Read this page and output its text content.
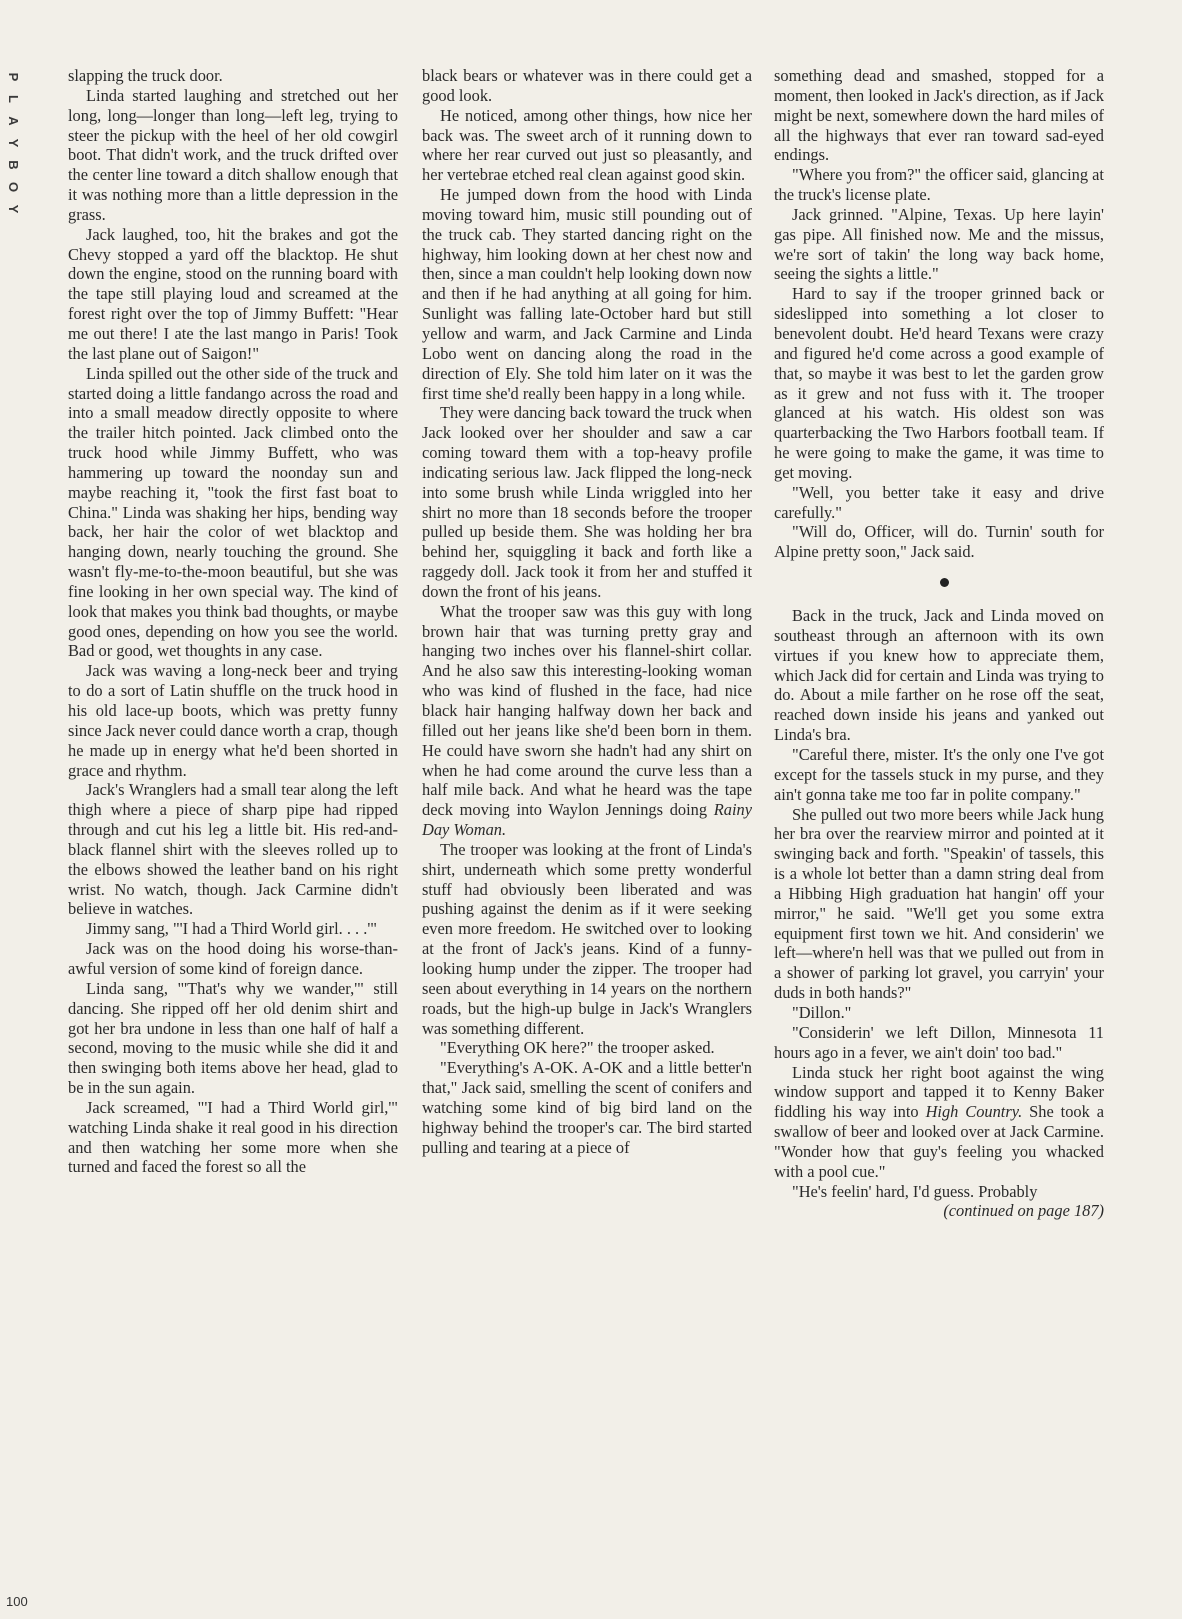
P
L
A
Y
B
O
Y
100

slapping the truck door.

Linda started laughing and stretched out her long, long—longer than long—left leg, trying to steer the pickup with the heel of her old cowgirl boot. That didn't work, and the truck drifted over the center line toward a ditch shallow enough that it was nothing more than a little depression in the grass.

Jack laughed, too, hit the brakes and got the Chevy stopped a yard off the blacktop. He shut down the engine, stood on the running board with the tape still playing loud and screamed at the forest right over the top of Jimmy Buffett: "Hear me out there! I ate the last mango in Paris! Took the last plane out of Saigon!"

Linda spilled out the other side of the truck and started doing a little fandango across the road and into a small meadow directly opposite to where the trailer hitch pointed. Jack climbed onto the truck hood while Jimmy Buffett, who was hammering up toward the noonday sun and maybe reaching it, "took the first fast boat to China." Linda was shaking her hips, bending way back, her hair the color of wet blacktop and hanging down, nearly touching the ground. She wasn't fly-me-to-the-moon beautiful, but she was fine looking in her own special way. The kind of look that makes you think bad thoughts, or maybe good ones, depending on how you see the world. Bad or good, wet thoughts in any case.

Jack was waving a long-neck beer and trying to do a sort of Latin shuffle on the truck hood in his old lace-up boots, which was pretty funny since Jack never could dance worth a crap, though he made up in energy what he'd been shorted in grace and rhythm.

Jack's Wranglers had a small tear along the left thigh where a piece of sharp pipe had ripped through and cut his leg a little bit. His red-and-black flannel shirt with the sleeves rolled up to the elbows showed the leather band on his right wrist. No watch, though. Jack Carmine didn't believe in watches.

Jimmy sang, "'I had a Third World girl. . . .'"

Jack was on the hood doing his worse-than-awful version of some kind of foreign dance.

Linda sang, "'That's why we wander,'" still dancing. She ripped off her old denim shirt and got her bra undone in less than one half of half a second, moving to the music while she did it and then swinging both items above her head, glad to be in the sun again.

Jack screamed, "'I had a Third World girl,'" watching Linda shake it real good in his direction and then watching her some more when she turned and faced the forest so all the

black bears or whatever was in there could get a good look.

He noticed, among other things, how nice her back was. The sweet arch of it running down to where her rear curved out just so pleasantly, and her vertebrae etched real clean against good skin.

He jumped down from the hood with Linda moving toward him, music still pounding out of the truck cab. They started dancing right on the highway, him looking down at her chest now and then, since a man couldn't help looking down now and then if he had anything at all going for him. Sunlight was falling late-October hard but still yellow and warm, and Jack Carmine and Linda Lobo went on dancing along the road in the direction of Ely. She told him later on it was the first time she'd really been happy in a long while.

They were dancing back toward the truck when Jack looked over her shoulder and saw a car coming toward them with a top-heavy profile indicating serious law. Jack flipped the long-neck into some brush while Linda wriggled into her shirt no more than 18 seconds before the trooper pulled up beside them. She was holding her bra behind her, squiggling it back and forth like a raggedy doll. Jack took it from her and stuffed it down the front of his jeans.

What the trooper saw was this guy with long brown hair that was turning pretty gray and hanging two inches over his flannel-shirt collar. And he also saw this interesting-looking woman who was kind of flushed in the face, had nice black hair hanging halfway down her back and filled out her jeans like she'd been born in them. He could have sworn she hadn't had any shirt on when he had come around the curve less than a half mile back. And what he heard was the tape deck moving into Waylon Jennings doing Rainy Day Woman.

The trooper was looking at the front of Linda's shirt, underneath which some pretty wonderful stuff had obviously been liberated and was pushing against the denim as if it were seeking even more freedom. He switched over to looking at the front of Jack's jeans. Kind of a funny-looking hump under the zipper. The trooper had seen about everything in 14 years on the northern roads, but the high-up bulge in Jack's Wranglers was something different.

"Everything OK here?" the trooper asked.

"Everything's A-OK. A-OK and a little better'n that," Jack said, smelling the scent of conifers and watching some kind of big bird land on the highway behind the trooper's car. The bird started pulling and tearing at a piece of

something dead and smashed, stopped for a moment, then looked in Jack's direction, as if Jack might be next, somewhere down the hard miles of all the highways that ever ran toward sad-eyed endings.

"Where you from?" the officer said, glancing at the truck's license plate.

Jack grinned. "Alpine, Texas. Up here layin' gas pipe. All finished now. Me and the missus, we're sort of takin' the long way back home, seeing the sights a little."

Hard to say if the trooper grinned back or sideslipped into something a lot closer to benevolent doubt. He'd heard Texans were crazy and figured he'd come across a good example of that, so maybe it was best to let the garden grow as it grew and not fuss with it. The trooper glanced at his watch. His oldest son was quarterbacking the Two Harbors football team. If he were going to make the game, it was time to get moving.

"Well, you better take it easy and drive carefully."

"Will do, Officer, will do. Turnin' south for Alpine pretty soon," Jack said.

Back in the truck, Jack and Linda moved on southeast through an afternoon with its own virtues if you knew how to appreciate them, which Jack did for certain and Linda was trying to do. About a mile farther on he rose off the seat, reached down inside his jeans and yanked out Linda's bra.

"Careful there, mister. It's the only one I've got except for the tassels stuck in my purse, and they ain't gonna take me too far in polite company."

She pulled out two more beers while Jack hung her bra over the rearview mirror and pointed at it swinging back and forth. "Speakin' of tassels, this is a whole lot better than a damn string deal from a Hibbing High graduation hat hangin' off your mirror," he said. "We'll get you some extra equipment first town we hit. And considerin' we left—where'n hell was that we pulled out from in a shower of parking lot gravel, you carryin' your duds in both hands?"

"Dillon."

"Considerin' we left Dillon, Minnesota 11 hours ago in a fever, we ain't doin' too bad."

Linda stuck her right boot against the wing window support and tapped it to Kenny Baker fiddling his way into High Country. She took a swallow of beer and looked over at Jack Carmine. "Wonder how that guy's feeling you whacked with a pool cue."

"He's feelin' hard, I'd guess. Probably

(continued on page 187)
